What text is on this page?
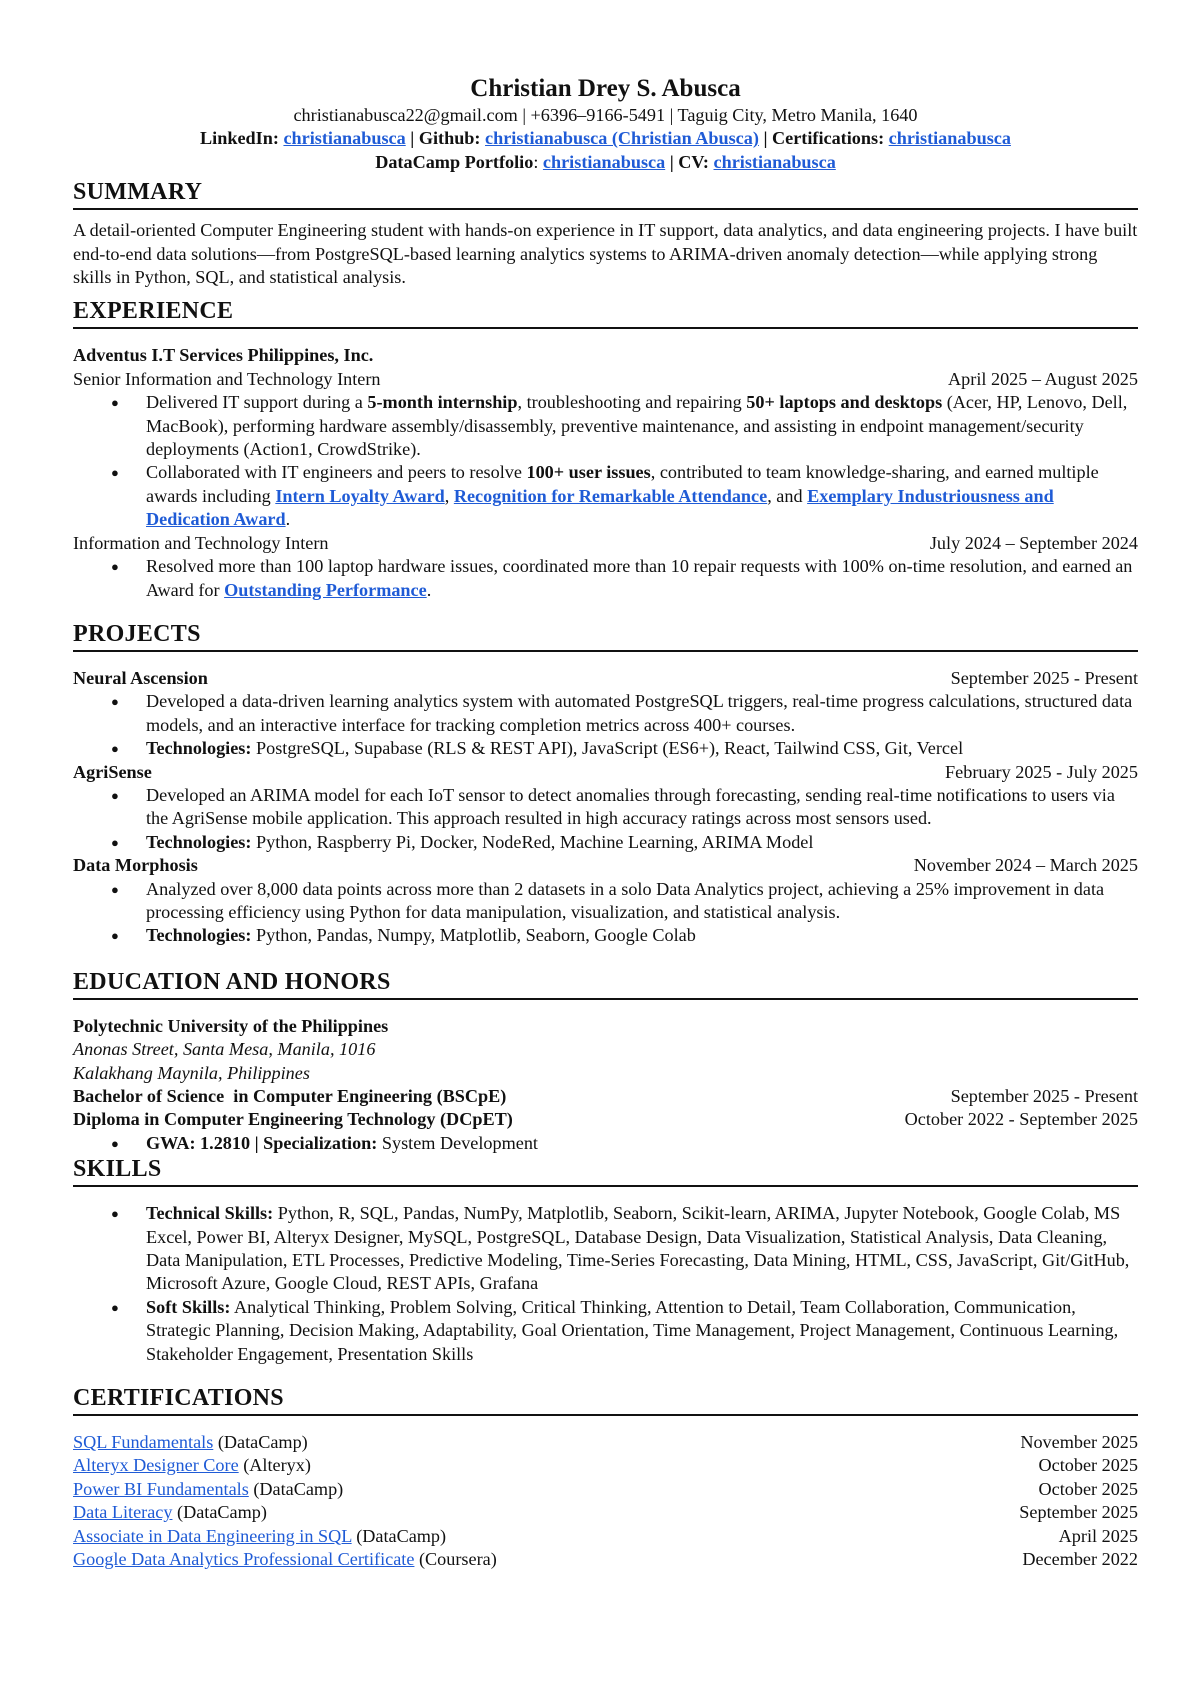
Christian Drey S. Abusca
christianabusca22@gmail.com | +6396–9166-5491 | Taguig City, Metro Manila, 1640
LinkedIn: christianabusca | Github: christianabusca (Christian Abusca) | Certifications: christianabusca
DataCamp Portfolio: christianabusca | CV: christianabusca
SUMMARY

A detail-oriented Computer Engineering student with hands-on experience in IT support, data analytics, and data engineering projects. I have built end-to-end data solutions—from PostgreSQL-based learning analytics systems to ARIMA-driven anomaly detection—while applying strong skills in Python, SQL, and statistical analysis.

EXPERIENCE
Adventus I.T Services Philippines, Inc.
Senior Information and Technology Intern	April 2025 – August 2025
● Delivered IT support during a 5-month internship, troubleshooting and repairing 50+ laptops and desktops (Acer, HP, Lenovo, Dell, MacBook), performing hardware assembly/disassembly, preventive maintenance, and assisting in endpoint management/security deployments (Action1, CrowdStrike).
● Collaborated with IT engineers and peers to resolve 100+ user issues, contributed to team knowledge-sharing, and earned multiple awards including Intern Loyalty Award, Recognition for Remarkable Attendance, and Exemplary Industriousness and Dedication Award.
Information and Technology Intern	July 2024 – September 2024
● Resolved more than 100 laptop hardware issues, coordinated more than 10 repair requests with 100% on-time resolution, and earned an Award for Outstanding Performance.
PROJECTS
Neural Ascension	September 2025 - Present
● Developed a data-driven learning analytics system with automated PostgreSQL triggers, real-time progress calculations, structured data models, and an interactive interface for tracking completion metrics across 400+ courses.
● Technologies: PostgreSQL, Supabase (RLS & REST API), JavaScript (ES6+), React, Tailwind CSS, Git, Vercel
AgriSense	February 2025 - July 2025
● Developed an ARIMA model for each IoT sensor to detect anomalies through forecasting, sending real-time notifications to users via the AgriSense mobile application. This approach resulted in high accuracy ratings across most sensors used.
● Technologies: Python, Raspberry Pi, Docker, NodeRed, Machine Learning, ARIMA Model
Data Morphosis	November 2024 – March 2025
● Analyzed over 8,000 data points across more than 2 datasets in a solo Data Analytics project, achieving a 25% improvement in data processing efficiency using Python for data manipulation, visualization, and statistical analysis.
● Technologies: Python, Pandas, Numpy, Matplotlib, Seaborn, Google Colab
EDUCATION AND HONORS
Polytechnic University of the Philippines
Anonas Street, Santa Mesa, Manila, 1016
Kalakhang Maynila, Philippines
Bachelor of Science  in Computer Engineering (BSCpE)	September 2025 - Present
Diploma in Computer Engineering Technology (DCpET)	October 2022 - September 2025
● GWA: 1.2810 | Specialization: System Development
SKILLS
● Technical Skills: Python, R, SQL, Pandas, NumPy, Matplotlib, Seaborn, Scikit-learn, ARIMA, Jupyter Notebook, Google Colab, MS Excel, Power BI, Alteryx Designer, MySQL, PostgreSQL, Database Design, Data Visualization, Statistical Analysis, Data Cleaning, Data Manipulation, ETL Processes, Predictive Modeling, Time-Series Forecasting, Data Mining, HTML, CSS, JavaScript, Git/GitHub, Microsoft Azure, Google Cloud, REST APIs, Grafana
● Soft Skills: Analytical Thinking, Problem Solving, Critical Thinking, Attention to Detail, Team Collaboration, Communication, Strategic Planning, Decision Making, Adaptability, Goal Orientation, Time Management, Project Management, Continuous Learning, Stakeholder Engagement, Presentation Skills
CERTIFICATIONS
SQL Fundamentals (DataCamp)	November 2025
Alteryx Designer Core (Alteryx)	October 2025
Power BI Fundamentals (DataCamp)	October 2025
Data Literacy (DataCamp)	September 2025
Associate in Data Engineering in SQL (DataCamp)	April 2025
Google Data Analytics Professional Certificate (Coursera)	December 2022
